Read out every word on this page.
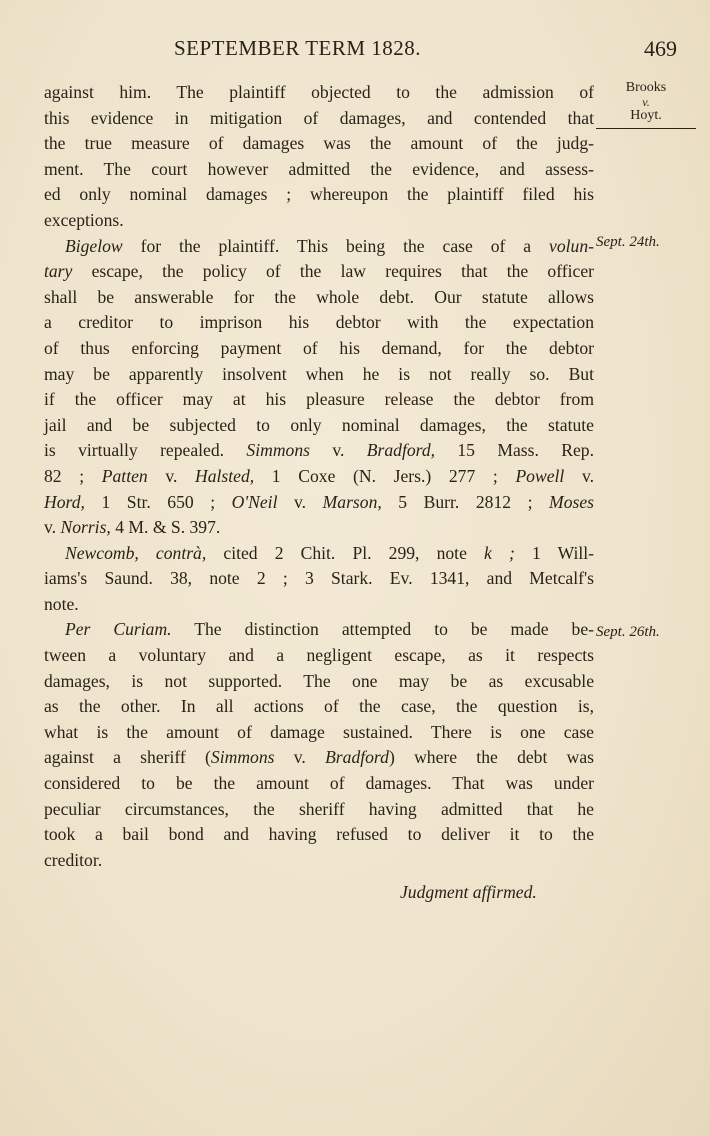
SEPTEMBER TERM 1828.	469
Brooks
v.
Hoyt.
Sept. 24th.
Sept. 26th.

against him. The plaintiff objected to the admission of
this evidence in mitigation of damages, and contended that
the true measure of damages was the amount of the judg-
ment. The court however admitted the evidence, and assess-
ed only nominal damages ; whereupon the plaintiff filed his
exceptions.

Bigelow for the plaintiff. This being the case of a volun-
tary escape, the policy of the law requires that the officer
shall be answerable for the whole debt. Our statute allows
a creditor to imprison his debtor with the expectation
of thus enforcing payment of his demand, for the debtor
may be apparently insolvent when he is not really so. But
if the officer may at his pleasure release the debtor from
jail and be subjected to only nominal damages, the statute
is virtually repealed. Simmons v. Bradford, 15 Mass. Rep.
82 ; Patten v. Halsted, 1 Coxe (N. Jers.) 277 ; Powell v.
Hord, 1 Str. 650 ; O'Neil v. Marson, 5 Burr. 2812 ; Moses
v. Norris, 4 M. & S. 397.

Newcomb, contrà, cited 2 Chit. Pl. 299, note k ; 1 Will-
iams's Saund. 38, note 2 ; 3 Stark. Ev. 1341, and Metcalf's
note.

Per Curiam. The distinction attempted to be made be-
tween a voluntary and a negligent escape, as it respects
damages, is not supported. The one may be as excusable
as the other. In all actions of the case, the question is,
what is the amount of damage sustained. There is one case
against a sheriff (Simmons v. Bradford) where the debt was
considered to be the amount of damages. That was under
peculiar circumstances, the sheriff having admitted that he
took a bail bond and having refused to deliver it to the
creditor.

Judgment affirmed.
